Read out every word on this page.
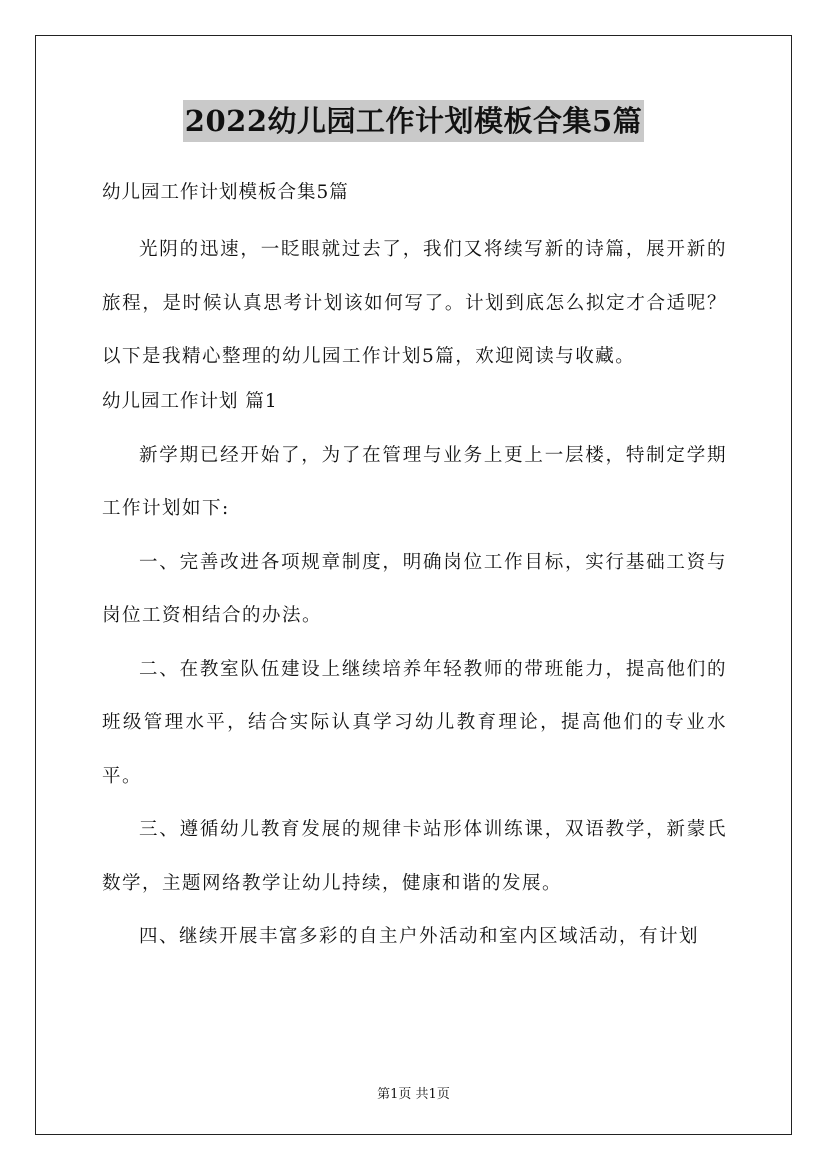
2022幼儿园工作计划模板合集5篇

幼儿园工作计划模板合集5篇

光阴的迅速，一眨眼就过去了，我们又将续写新的诗篇，展开新的旅程，是时候认真思考计划该如何写了。计划到底怎么拟定才合适呢？以下是我精心整理的幼儿园工作计划5篇，欢迎阅读与收藏。

幼儿园工作计划 篇1

新学期已经开始了，为了在管理与业务上更上一层楼，特制定学期工作计划如下:

一、完善改进各项规章制度，明确岗位工作目标，实行基础工资与岗位工资相结合的办法。

二、在教室队伍建设上继续培养年轻教师的带班能力，提高他们的班级管理水平，结合实际认真学习幼儿教育理论，提高他们的专业水平。

三、遵循幼儿教育发展的规律卡站形体训练课，双语教学，新蒙氏数学，主题网络教学让幼儿持续，健康和谐的发展。

四、继续开展丰富多彩的自主户外活动和室内区域活动，有计划

第1页 共1页
